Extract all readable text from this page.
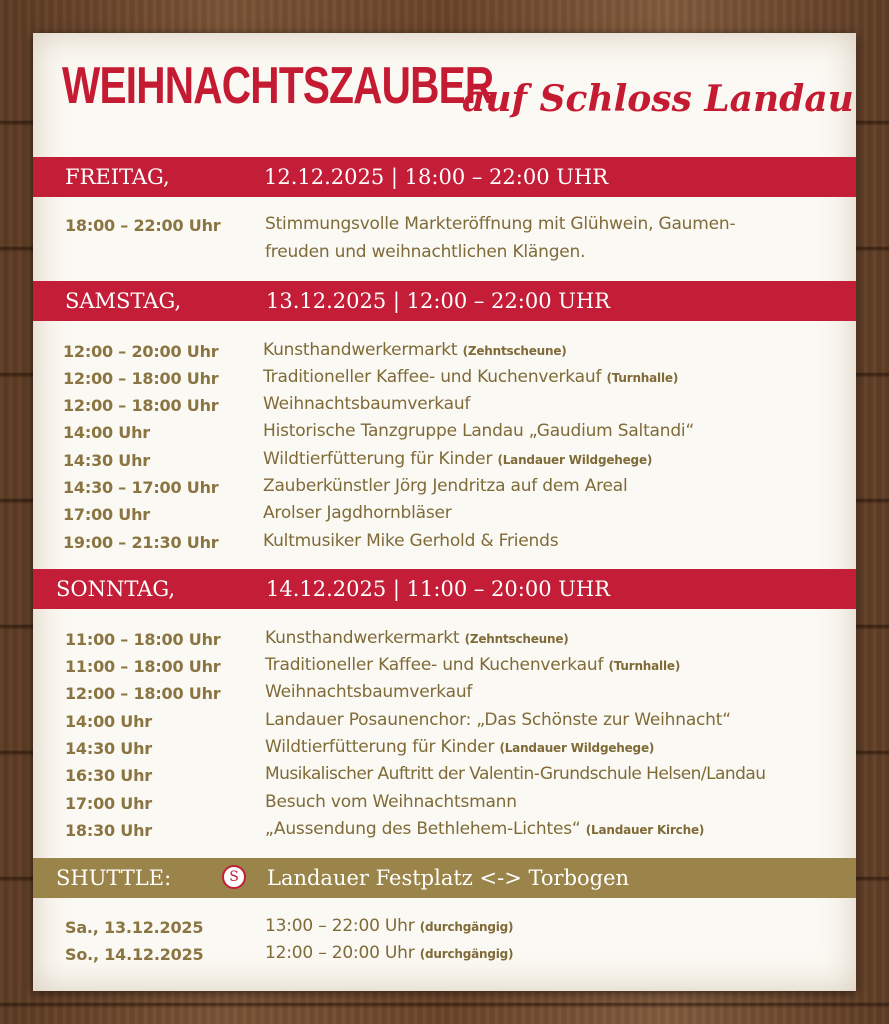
WEIHNACHTSZAUBER
auf Schloss Landau
FREITAG,	12.12.2025 | 18:00 – 22:00 UHR
18:00 – 22:00 Uhr	Stimmungsvolle Markteröffnung mit Glühwein, Gaumen-
freuden und weihnachtlichen Klängen.
SAMSTAG,	13.12.2025 | 12:00 – 22:00 UHR
12:00 – 20:00 Uhr	Kunsthandwerkermarkt (Zehntscheune)
12:00 – 18:00 Uhr	Traditioneller Kaffee- und Kuchenverkauf (Turnhalle)
12:00 – 18:00 Uhr	Weihnachtsbaumverkauf
14:00 Uhr	Historische Tanzgruppe Landau „Gaudium Saltandi“
14:30 Uhr	Wildtierfütterung für Kinder (Landauer Wildgehege)
14:30 – 17:00 Uhr	Zauberkünstler Jörg Jendritza auf dem Areal
17:00 Uhr	Arolser Jagdhornbläser
19:00 – 21:30 Uhr	Kultmusiker Mike Gerhold & Friends
SONNTAG,	14.12.2025 | 11:00 – 20:00 UHR
11:00 – 18:00 Uhr	Kunsthandwerkermarkt (Zehntscheune)
11:00 – 18:00 Uhr	Traditioneller Kaffee- und Kuchenverkauf (Turnhalle)
12:00 – 18:00 Uhr	Weihnachtsbaumverkauf
14:00 Uhr	Landauer Posaunenchor: „Das Schönste zur Weihnacht“
14:30 Uhr	Wildtierfütterung für Kinder (Landauer Wildgehege)
16:30 Uhr	Musikalischer Auftritt der Valentin-Grundschule Helsen/Landau
17:00 Uhr	Besuch vom Weihnachtsmann
18:30 Uhr	„Aussendung des Bethlehem-Lichtes“ (Landauer Kirche)
SHUTTLE:	S	Landauer Festplatz <-> Torbogen
Sa., 13.12.2025	13:00 – 22:00 Uhr (durchgängig)
So., 14.12.2025	12:00 – 20:00 Uhr (durchgängig)
